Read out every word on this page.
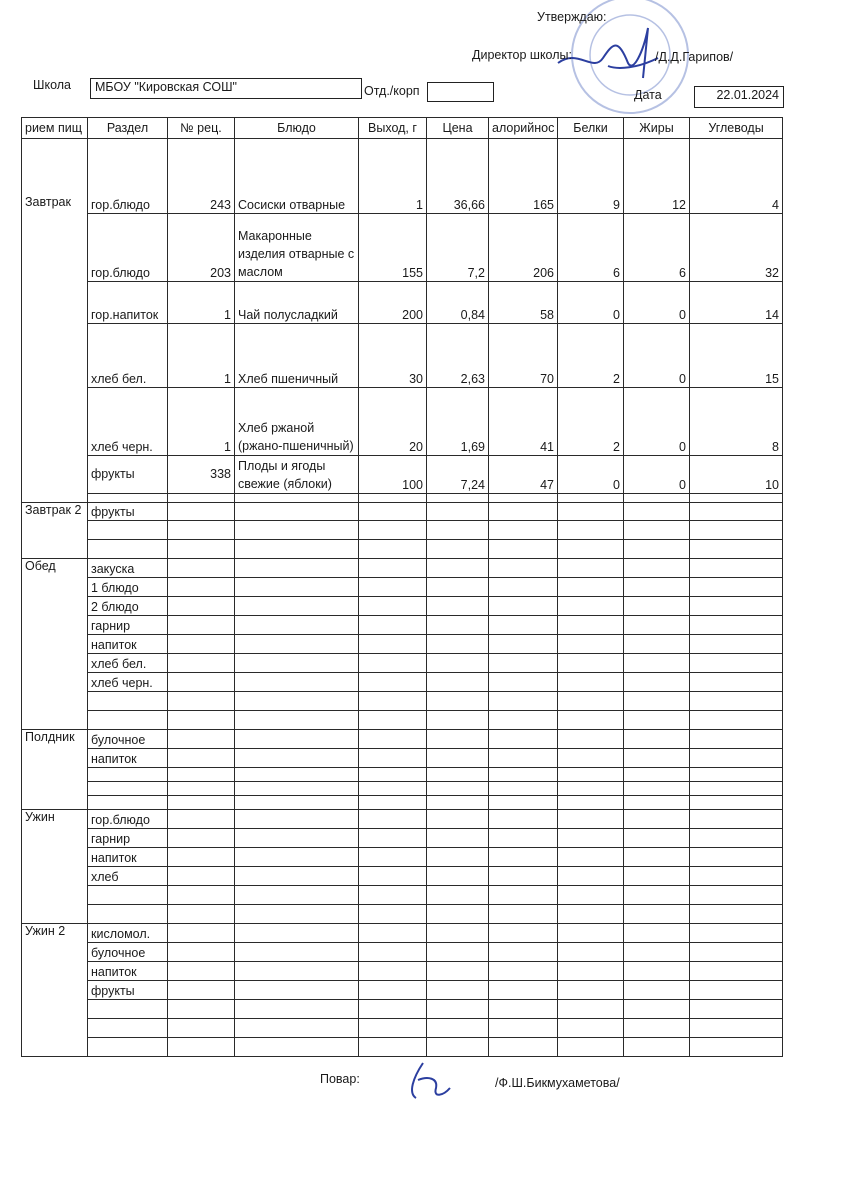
Утверждаю:
Директор школы:	/Д.Д.Гарипов/
Школа	МБОУ "Кировская СОШ"	Отд./корп	Дата	22.01.2024
рием пищ	Раздел	№ рец.	Блюдо	Выход, г	Цена	алорийнос	Белки	Жиры	Углеводы
Завтрак	гор.блюдо	243	Сосиски отварные	1	36,66	165	9	12	4
	гор.блюдо	203	Макаронные изделия отварные с маслом	155	7,2	206	6	6	32
	гор.напиток	1	Чай полусладкий	200	0,84	58	0	0	14
	хлеб бел.	1	Хлеб пшеничный	30	2,63	70	2	0	15
	хлеб черн.	1	Хлеб ржаной (ржано-пшеничный)	20	1,69	41	2	0	8
	фрукты	338	Плоды и ягоды свежие (яблоки)	100	7,24	47	0	0	10

Завтрак 2	фрукты								

Обед	закуска								
	1 блюдо								
	2 блюдо								
	гарнир								
	напиток								
	хлеб бел.								
	хлеб черн.								

Полдник	булочное								
	напиток								

Ужин	гор.блюдо								
	гарнир								
	напиток								
	хлеб								

Ужин 2	кисломол.								
	булочное								
	напиток								
	фрукты								

Повар:	/Ф.Ш.Бикмухаметова/
